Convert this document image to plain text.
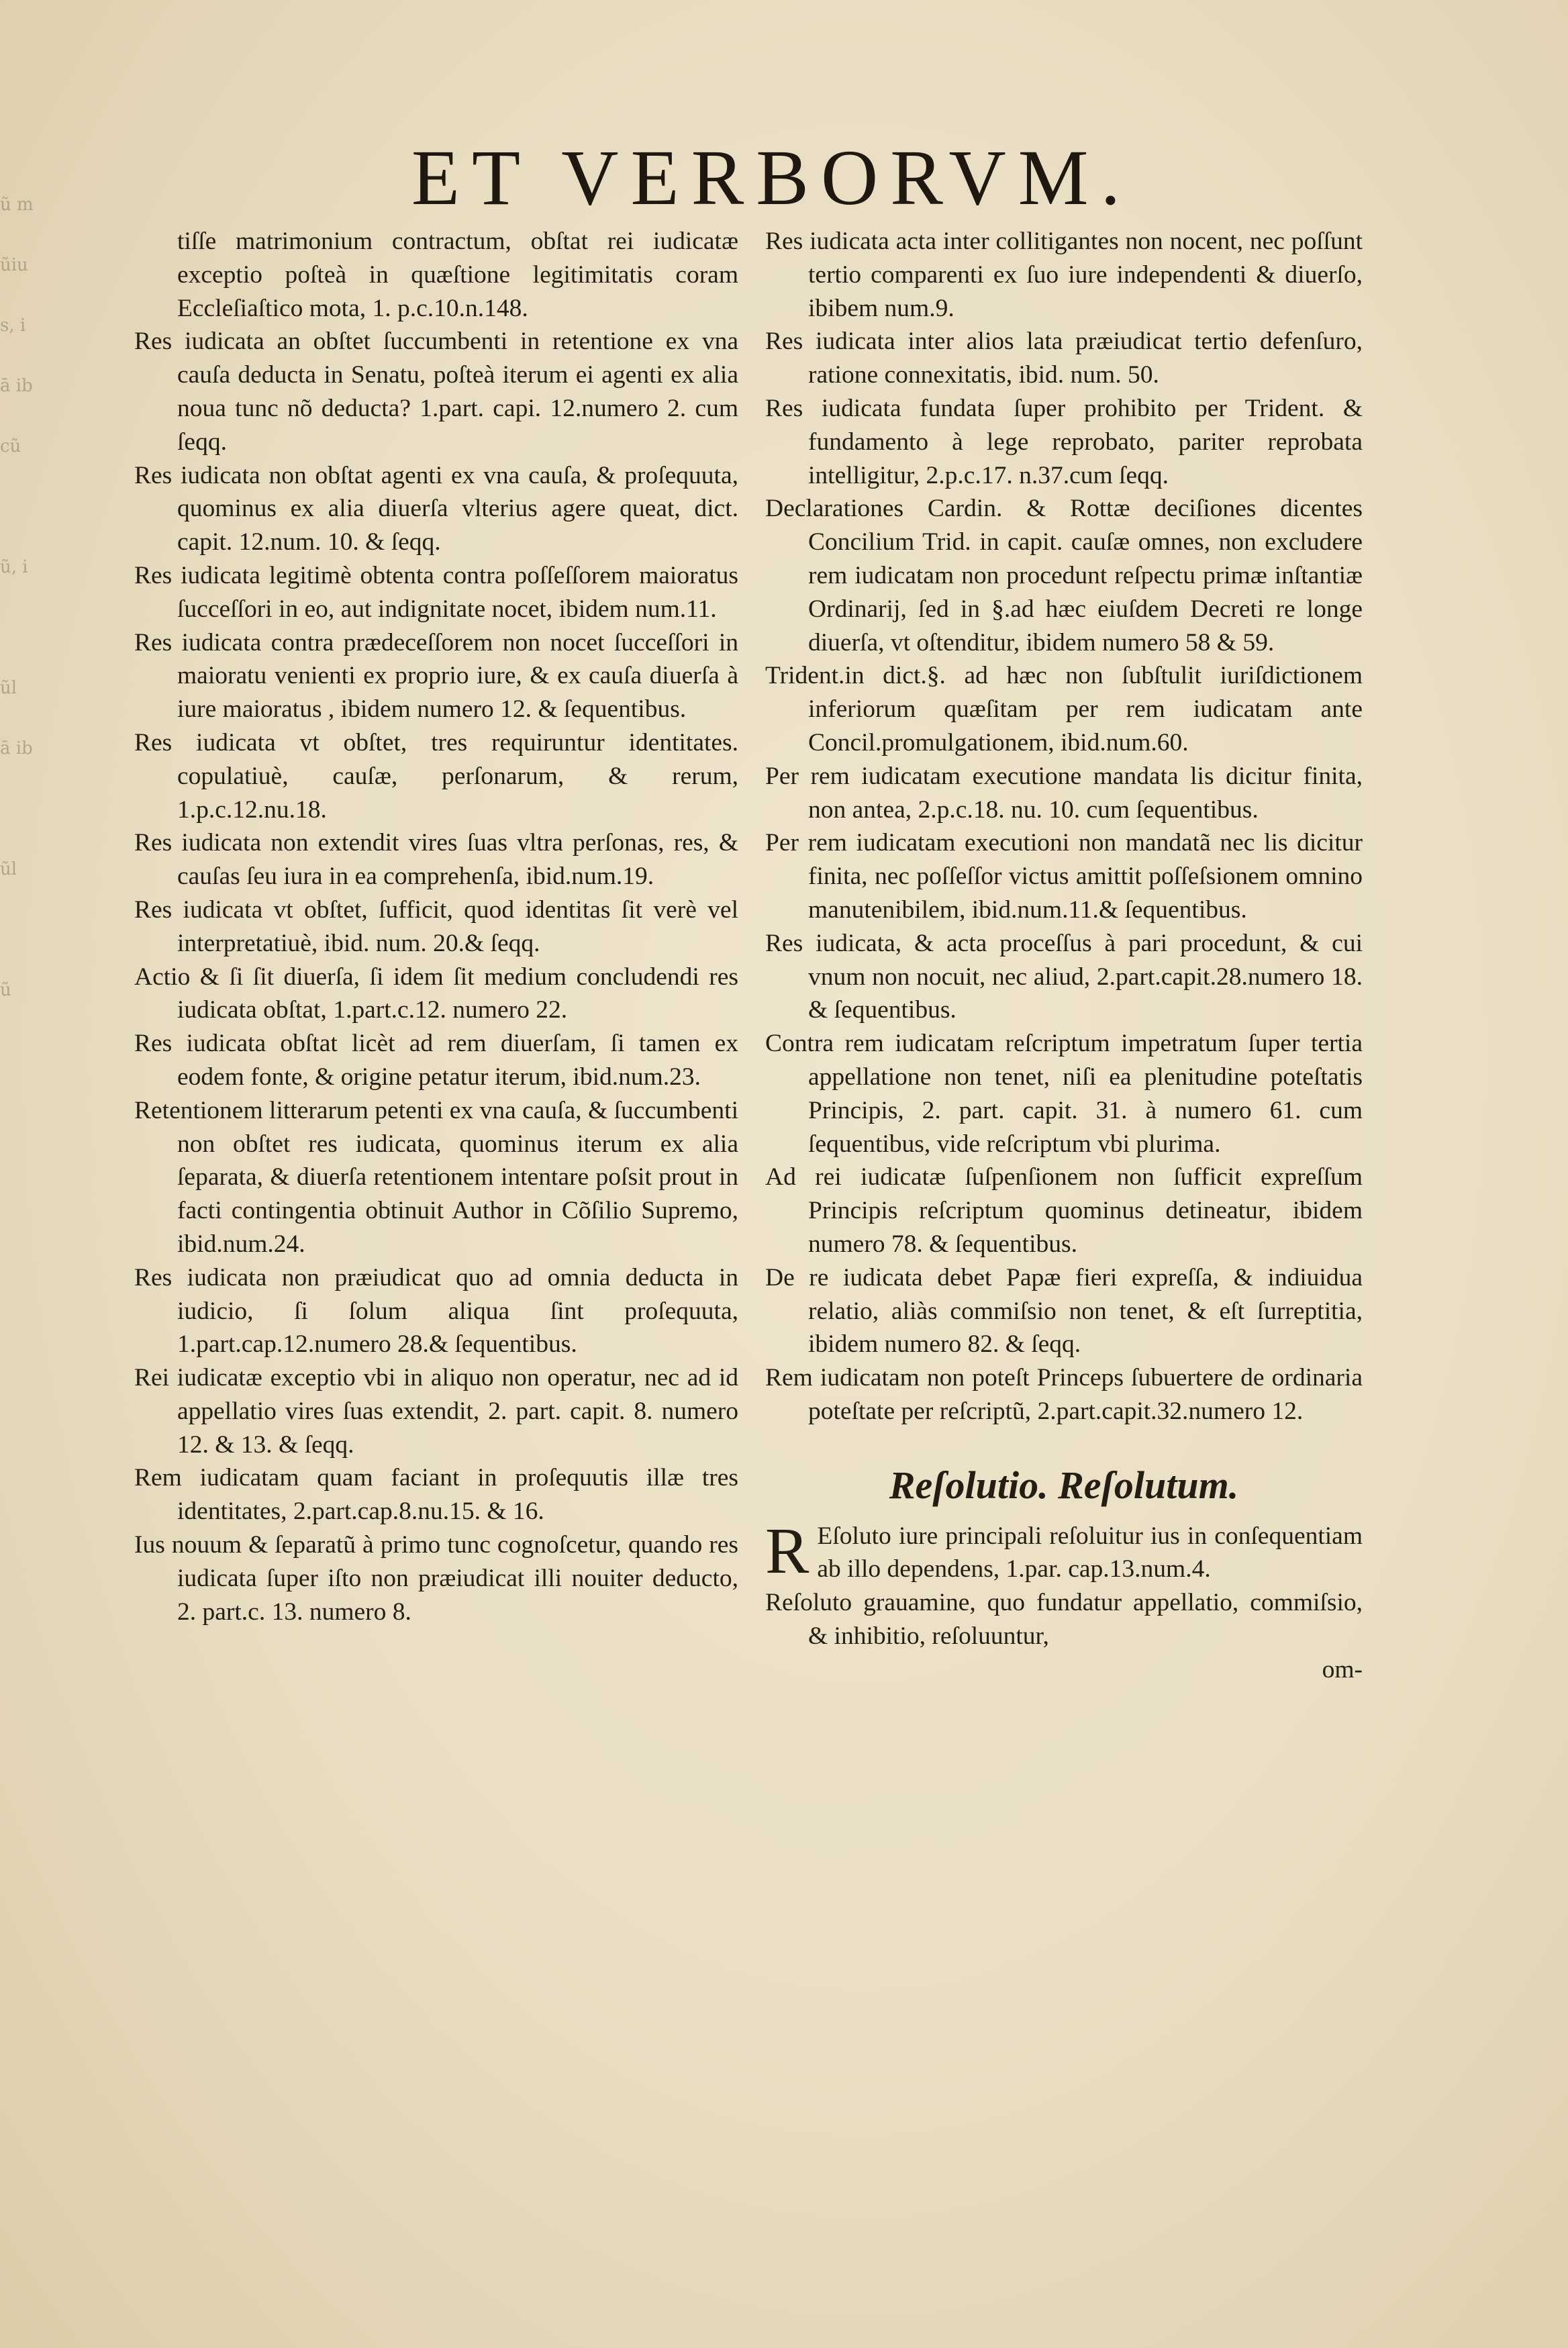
ũ m
ũiu
s, i
ā ib
cũ
ũ, i
ũl
ā ib
ũl
ũ
ET VERBORVM.

tiſſe matrimonium contractum, obſtat rei iudicatæ exceptio poſteà in quæſtione legitimitatis coram Eccleſiaſtico mota, 1. p.c.10.n.148.

Res iudicata an obſtet ſuccumbenti in retentione ex vna cauſa deducta in Senatu, poſteà iterum ei agenti ex alia noua tunc nõ deducta? 1.part. capi. 12.numero 2. cum ſeqq.

Res iudicata non obſtat agenti ex vna cauſa, & proſequuta, quominus ex alia diuerſa vlterius agere queat, dict. capit. 12.num. 10. & ſeqq.

Res iudicata legitimè obtenta contra poſſeſſorem maioratus ſucceſſori in eo, aut indignitate nocet, ibidem num.11.

Res iudicata contra prædeceſſorem non nocet ſucceſſori in maioratu venienti ex proprio iure, & ex cauſa diuerſa à iure maioratus , ibidem numero 12. & ſequentibus.

Res iudicata vt obſtet, tres requiruntur identitates. copulatiuè, cauſæ, perſonarum, & rerum, 1.p.c.12.nu.18.

Res iudicata non extendit vires ſuas vltra perſonas, res, & cauſas ſeu iura in ea comprehenſa, ibid.num.19.

Res iudicata vt obſtet, ſufficit, quod identitas ſit verè vel interpretatiuè, ibid. num. 20.& ſeqq.

Actio & ſi ſit diuerſa, ſi idem ſit medium concludendi res iudicata obſtat, 1.part.c.12. numero 22.

Res iudicata obſtat licèt ad rem diuerſam, ſi tamen ex eodem fonte, & origine petatur iterum, ibid.num.23.

Retentionem litterarum petenti ex vna cauſa, & ſuccumbenti non obſtet res iudicata, quominus iterum ex alia ſeparata, & diuerſa retentionem intentare poſsit prout in facti contingentia obtinuit Author in Cõſilio Supremo, ibid.num.24.

Res iudicata non præiudicat quo ad omnia deducta in iudicio, ſi ſolum aliqua ſint proſequuta, 1.part.cap.12.numero 28.& ſequentibus.

Rei iudicatæ exceptio vbi in aliquo non operatur, nec ad id appellatio vires ſuas extendit, 2. part. capit. 8. numero 12. & 13. & ſeqq.

Rem iudicatam quam faciant in proſequutis illæ tres identitates, 2.part.cap.8.nu.15. & 16.

Ius nouum & ſeparatũ à primo tunc cognoſcetur, quando res iudicata ſuper iſto non præiudicat illi nouiter deducto, 2. part.c. 13. numero 8.

Res iudicata acta inter collitigantes non nocent, nec poſſunt tertio comparenti ex ſuo iure independenti & diuerſo, ibibem num.9.

Res iudicata inter alios lata præiudicat tertio defenſuro, ratione connexitatis, ibid. num. 50.

Res iudicata fundata ſuper prohibito per Trident. & fundamento à lege reprobato, pariter reprobata intelligitur, 2.p.c.17. n.37.cum ſeqq.

Declarationes Cardin. & Rottæ deciſiones dicentes Concilium Trid. in capit. cauſæ omnes, non excludere rem iudicatam non procedunt reſpectu primæ inſtantiæ Ordinarij, ſed in §.ad hæc eiuſdem Decreti re longe diuerſa, vt oſtenditur, ibidem numero 58 & 59.

Trident.in dict.§. ad hæc non ſubſtulit iuriſdictionem inferiorum quæſitam per rem iudicatam ante Concil.promulgationem, ibid.num.60.

Per rem iudicatam executione mandata lis dicitur finita, non antea, 2.p.c.18. nu. 10. cum ſequentibus.

Per rem iudicatam executioni non mandatã nec lis dicitur finita, nec poſſeſſor victus amittit poſſeſsionem omnino manutenibilem, ibid.num.11.& ſequentibus.

Res iudicata, & acta proceſſus à pari procedunt, & cui vnum non nocuit, nec aliud, 2.part.capit.28.numero 18. & ſequentibus.

Contra rem iudicatam reſcriptum impetratum ſuper tertia appellatione non tenet, niſi ea plenitudine poteſtatis Principis, 2. part. capit. 31. à numero 61. cum ſequentibus, vide reſcriptum vbi plurima.

Ad rei iudicatæ ſuſpenſionem non ſufficit expreſſum Principis reſcriptum quominus detineatur, ibidem numero 78. & ſequentibus.

De re iudicata debet Papæ fieri expreſſa, & indiuidua relatio, aliàs commiſsio non tenet, & eſt ſurreptitia, ibidem numero 82. & ſeqq.

Rem iudicatam non poteſt Princeps ſubuertere de ordinaria poteſtate per reſcriptũ, 2.part.capit.32.numero 12.

Reſolutio. Reſolutum.

R Eſoluto iure principali reſoluitur ius in conſequentiam ab illo dependens, 1.par. cap.13.num.4.

Reſoluto grauamine, quo fundatur appellatio, commiſsio, & inhibitio, reſoluuntur,

om-
